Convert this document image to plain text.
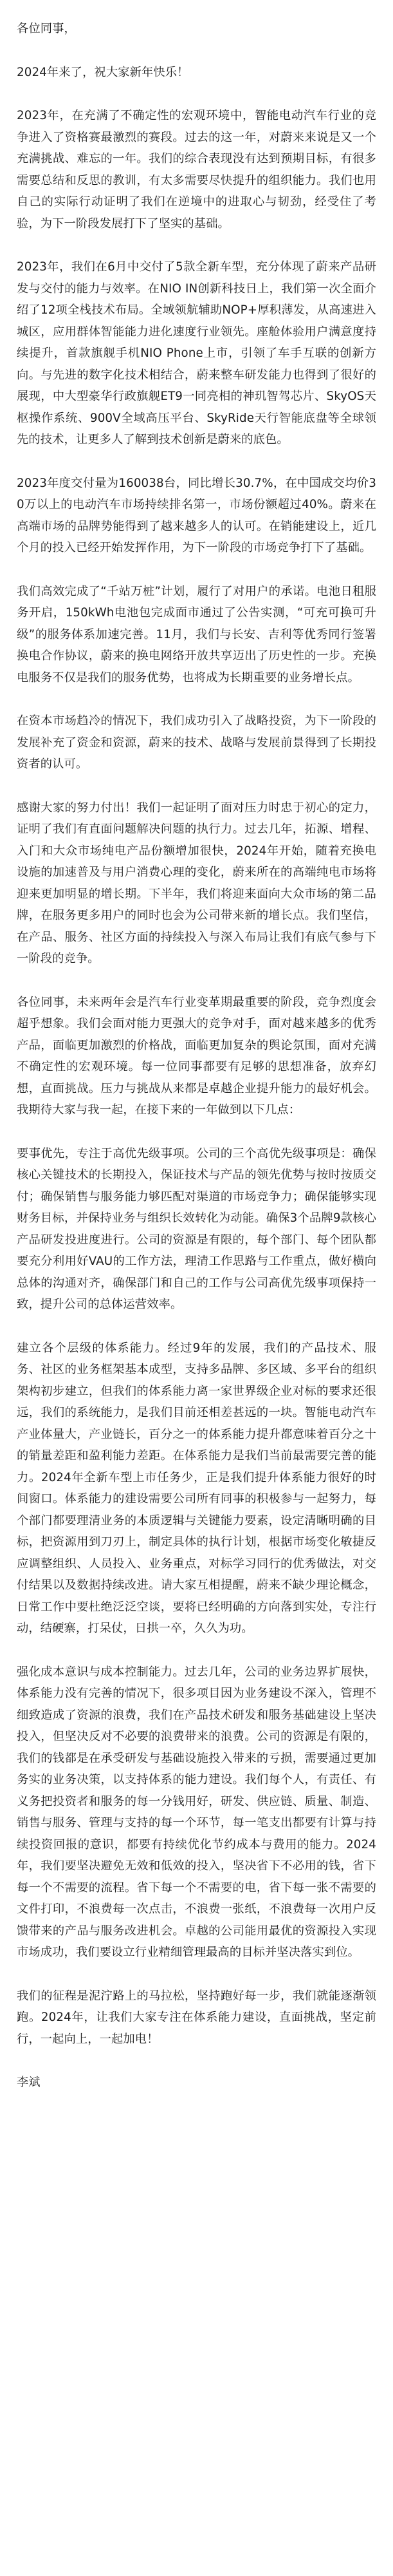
各位同事，

2024年来了，祝大家新年快乐！

2023年，在充满了不确定性的宏观环境中，智能电动汽车行业的竞争进入了资格赛最激烈的赛段。过去的这一年，对蔚来来说是又一个充满挑战、难忘的一年。我们的综合表现没有达到预期目标，有很多需要总结和反思的教训，有太多需要尽快提升的组织能力。我们也用自己的实际行动证明了我们在逆境中的进取心与韧劲，经受住了考验，为下一阶段发展打下了坚实的基础。

2023年，我们在6月中交付了5款全新车型，充分体现了蔚来产品研发与交付的能力与效率。在NIO IN创新科技日上，我们第一次全面介绍了12项全栈技术布局。全域领航辅助NOP+厚积薄发，从高速进入城区，应用群体智能能力进化速度行业领先。座舱体验用户满意度持续提升，首款旗舰手机NIO Phone上市，引领了车手互联的创新方向。与先进的数字化技术相结合，蔚来整车研发能力也得到了很好的展现，中大型豪华行政旗舰ET9一同亮相的神玑智驾芯片、SkyOS天枢操作系统、900V全域高压平台、SkyRide天行智能底盘等全球领先的技术，让更多人了解到技术创新是蔚来的底色。

2023年度交付量为160038台，同比增长30.7%，在中国成交均价30万以上的电动汽车市场持续排名第一，市场份额超过40%。蔚来在高端市场的品牌势能得到了越来越多人的认可。在销能建设上，近几个月的投入已经开始发挥作用，为下一阶段的市场竞争打下了基础。

我们高效完成了“千站万桩”计划，履行了对用户的承诺。电池日租服务开启，150kWh电池包完成面市通过了公告实测，“可充可换可升级”的服务体系加速完善。11月，我们与长安、吉利等优秀同行签署换电合作协议，蔚来的换电网络开放共享迈出了历史性的一步。充换电服务不仅是我们的服务优势，也将成为长期重要的业务增长点。

在资本市场趋冷的情况下，我们成功引入了战略投资，为下一阶段的发展补充了资金和资源，蔚来的技术、战略与发展前景得到了长期投资者的认可。

感谢大家的努力付出！我们一起证明了面对压力时忠于初心的定力，证明了我们有直面问题解决问题的执行力。过去几年，拓源、增程、入门和大众市场纯电产品份额增加很快，2024年开始，随着充换电设施的加速普及与用户消费心理的变化，蔚来所在的高端纯电市场将迎来更加明显的增长期。下半年，我们将迎来面向大众市场的第二品牌，在服务更多用户的同时也会为公司带来新的增长点。我们坚信，在产品、服务、社区方面的持续投入与深入布局让我们有底气参与下一阶段的竞争。

各位同事，未来两年会是汽车行业变革期最重要的阶段，竞争烈度会超乎想象。我们会面对能力更强大的竞争对手，面对越来越多的优秀产品，面临更加激烈的价格战，面临更加复杂的舆论氛围，面对充满不确定性的宏观环境。每一位同事都要有足够的思想准备，放弃幻想，直面挑战。压力与挑战从来都是卓越企业提升能力的最好机会。我期待大家与我一起，在接下来的一年做到以下几点：

要事优先，专注于高优先级事项。公司的三个高优先级事项是：确保核心关键技术的长期投入，保证技术与产品的领先优势与按时按质交付；确保销售与服务能力够匹配对渠道的市场竞争力；确保能够实现财务目标，并保持业务与组织长效转化为动能。确保3个品牌9款核心产品研发投进度进行。公司的资源是有限的，每个部门、每个团队都要充分利用好VAU的工作方法，理清工作思路与工作重点，做好横向总体的沟通对齐，确保部门和自己的工作与公司高优先级事项保持一致，提升公司的总体运营效率。

建立各个层级的体系能力。经过9年的发展，我们的产品技术、服务、社区的业务框架基本成型，支持多品牌、多区域、多平台的组织架构初步建立，但我们的体系能力离一家世界级企业对标的要求还很远，我们的系统能力，是我们目前还相差甚远的一块。智能电动汽车产业体量大，产业链长，百分之一的体系能力提升都意味着百分之十的销量差距和盈利能力差距。在体系能力是我们当前最需要完善的能力。2024年全新车型上市任务少，正是我们提升体系能力很好的时间窗口。体系能力的建设需要公司所有同事的积极参与一起努力，每个部门都要理清业务的本质逻辑与关键能力要素，设定清晰明确的目标，把资源用到刀刃上，制定具体的执行计划，根据市场变化敏捷反应调整组织、人员投入、业务重点，对标学习同行的优秀做法，对交付结果以及数据持续改进。请大家互相提醒，蔚来不缺少理论概念，日常工作中要杜绝泛泛空谈，要将已经明确的方向落到实处，专注行动，结硬寨，打呆仗，日拱一卒，久久为功。

强化成本意识与成本控制能力。过去几年，公司的业务边界扩展快，体系能力没有完善的情况下，很多项目因为业务建设不深入，管理不细致造成了资源的浪费，我们在产品技术研发和服务基础建设上坚决投入，但坚决反对不必要的浪费带来的浪费。公司的资源是有限的，我们的钱都是在承受研发与基础设施投入带来的亏损，需要通过更加务实的业务决策，以支持体系的能力建设。我们每个人，有责任、有义务把投资者和服务的每一分钱用好，研发、供应链、质量、制造、销售与服务、管理与支持的每一个环节，每一笔支出都要有计算与持续投资回报的意识，都要有持续优化节约成本与费用的能力。2024年，我们要坚决避免无效和低效的投入，坚决省下不必用的钱，省下每一个不需要的流程。省下每一个不需要的电，省下每一张不需要的文件打印，不浪费每一次点击，不浪费一张纸，不浪费每一次用户反馈带来的产品与服务改进机会。卓越的公司能用最优的资源投入实现市场成功，我们要设立行业精细管理最高的目标并坚决落实到位。

我们的征程是泥泞路上的马拉松，坚持跑好每一步，我们就能逐渐领跑。2024年，让我们大家专注在体系能力建设，直面挑战，坚定前行，一起向上，一起加电！

李斌
